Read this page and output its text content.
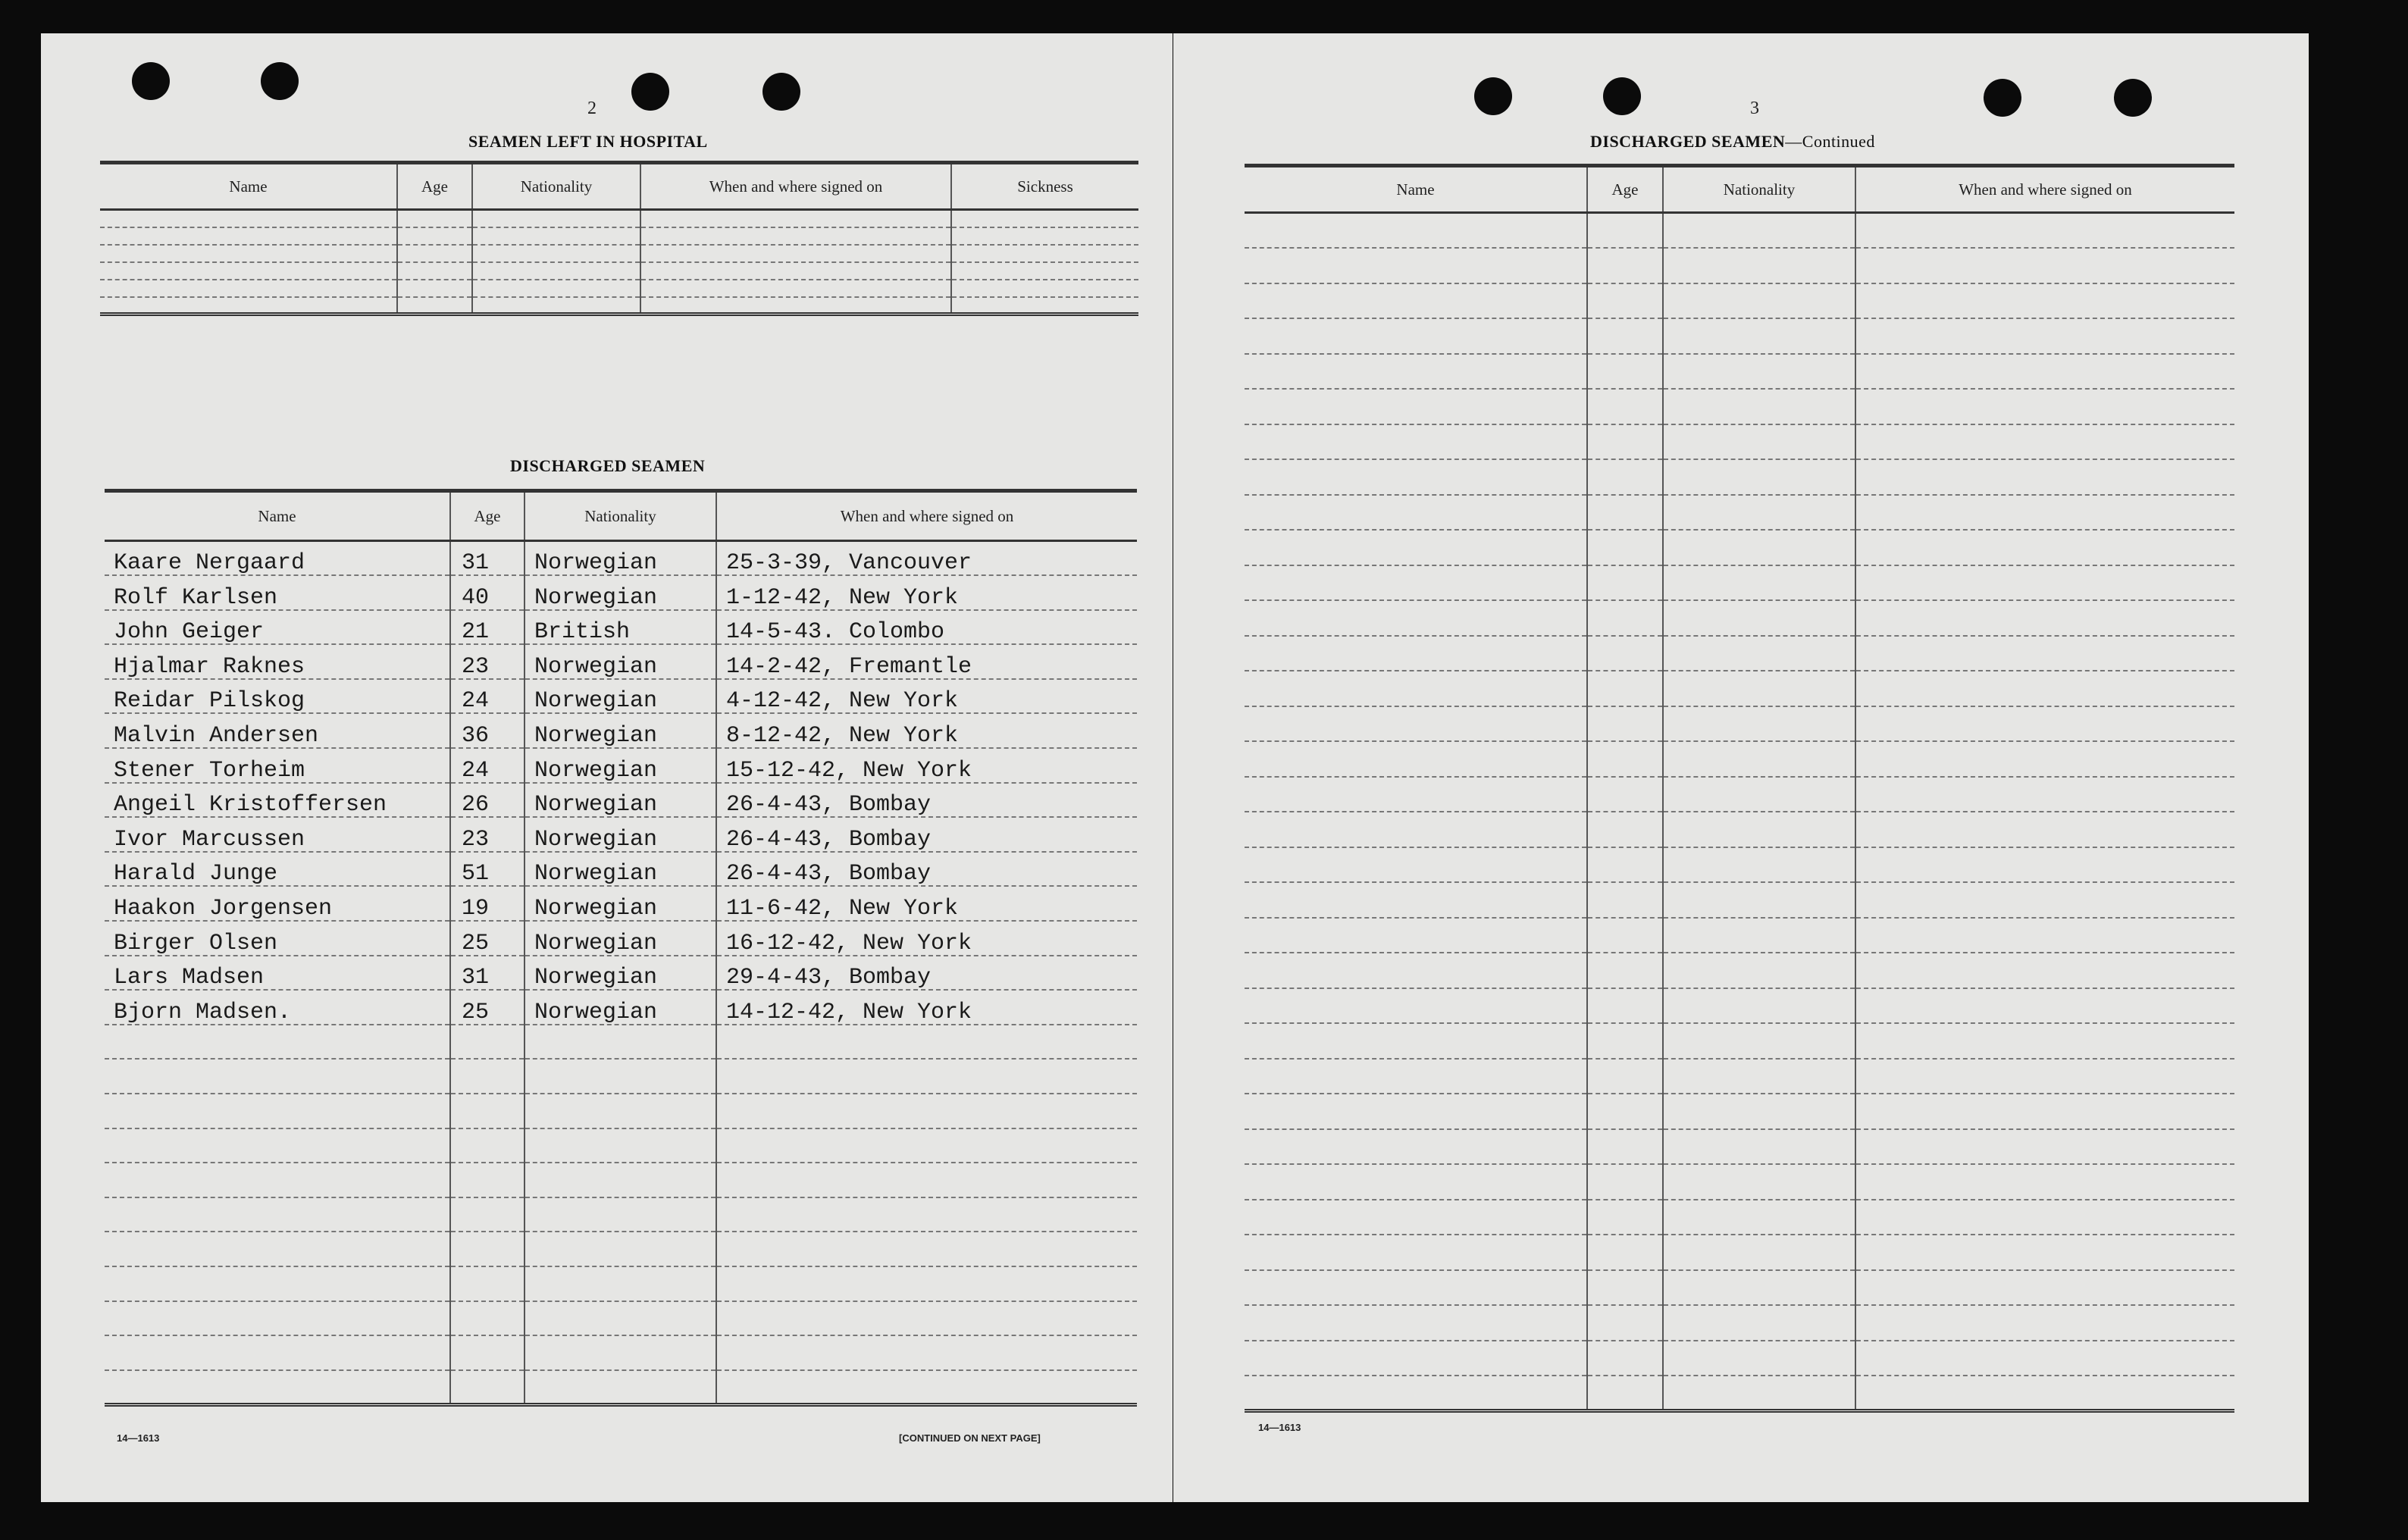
2
SEAMEN LEFT IN HOSPITAL
Name	Age	Nationality	When and where signed on	Sickness

DISCHARGED SEAMEN
Name	Age	Nationality	When and where signed on
Kaare Nergaard	31	Norwegian	25-3-39, Vancouver
Rolf Karlsen	40	Norwegian	1-12-42, New York
John Geiger	21	British	14-5-43. Colombo
Hjalmar Raknes	23	Norwegian	14-2-42, Fremantle
Reidar Pilskog	24	Norwegian	4-12-42, New York
Malvin Andersen	36	Norwegian	8-12-42, New York
Stener Torheim	24	Norwegian	15-12-42, New York
Angeil Kristoffersen	26	Norwegian	26-4-43, Bombay
Ivor Marcussen	23	Norwegian	26-4-43, Bombay
Harald Junge	51	Norwegian	26-4-43, Bombay
Haakon Jorgensen	19	Norwegian	11-6-42, New York
Birger Olsen	25	Norwegian	16-12-42, New York
Lars Madsen	31	Norwegian	29-4-43, Bombay
Bjorn Madsen.	25	Norwegian	14-12-42, New York

14—1613	[CONTINUED ON NEXT PAGE]
3
DISCHARGED SEAMEN—Continued
Name	Age	Nationality	When and where signed on

14—1613
